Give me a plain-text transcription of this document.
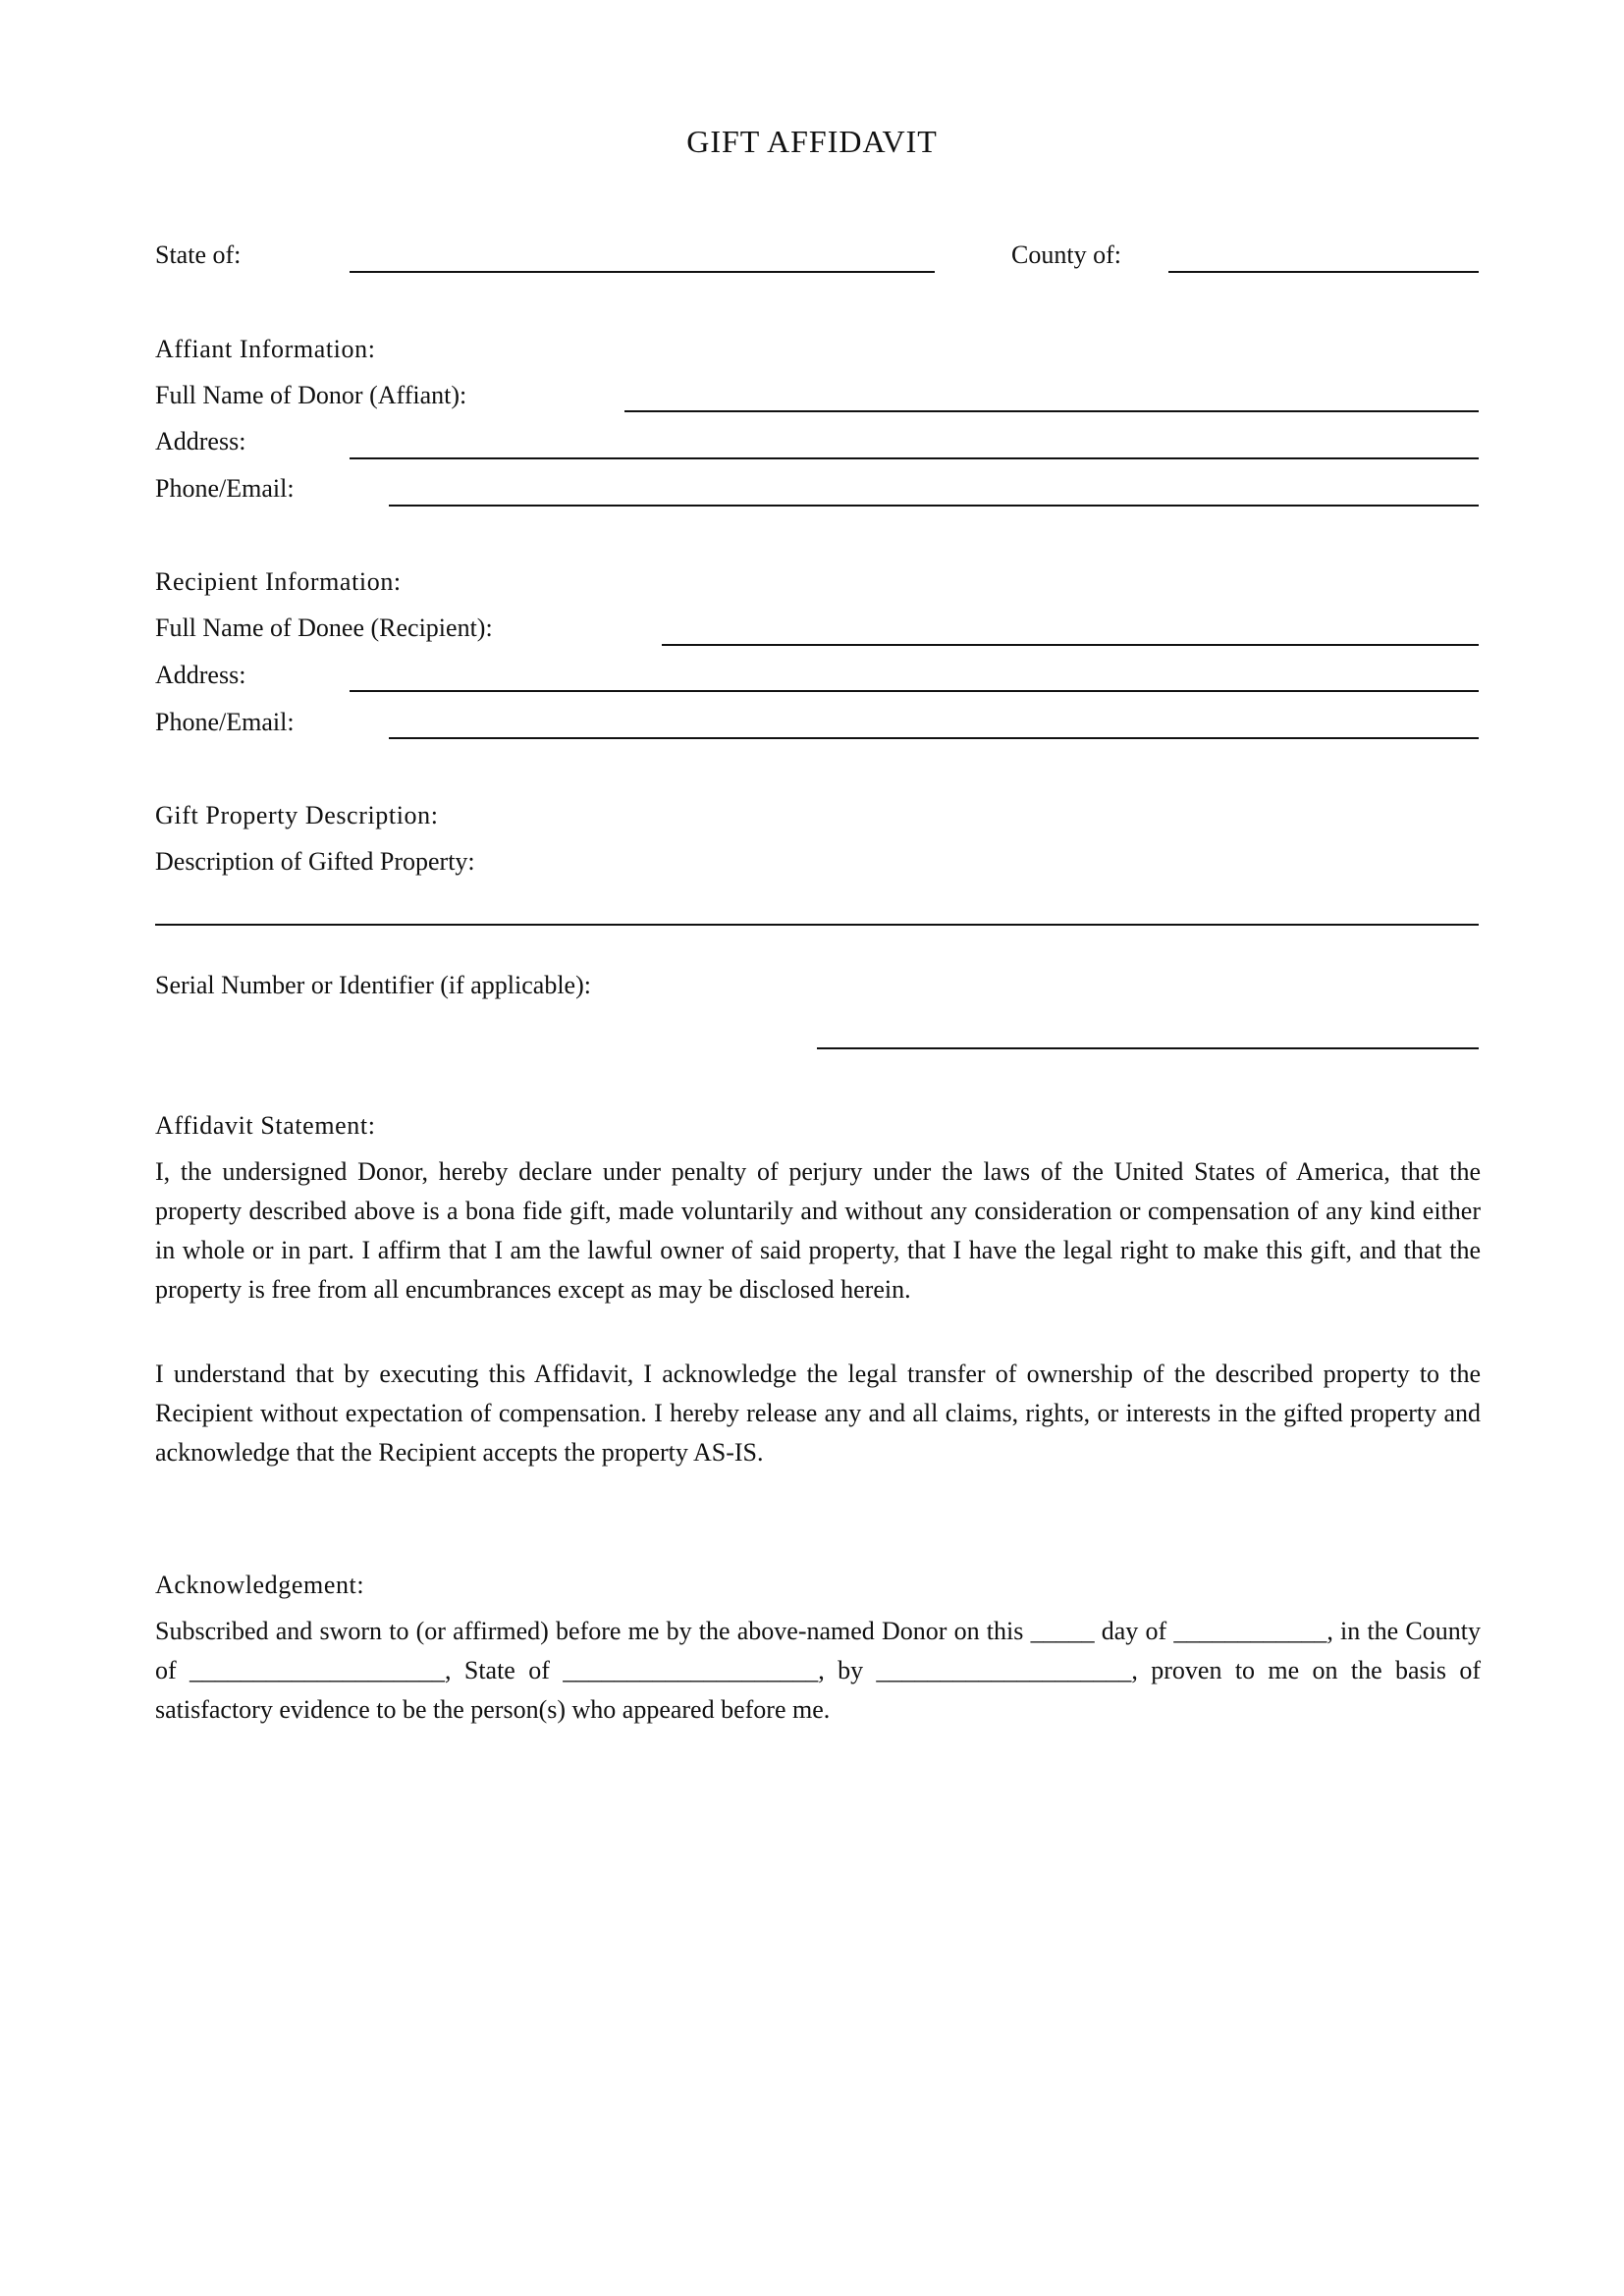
GIFT AFFIDAVIT
State of:	County of:
Affiant Information:
Full Name of Donor (Affiant):
Address:
Phone/Email:
Recipient Information:
Full Name of Donee (Recipient):
Address:
Phone/Email:
Gift Property Description:
Description of Gifted Property:
Serial Number or Identifier (if applicable):
Affidavit Statement:
I, the undersigned Donor, hereby declare under penalty of perjury under the laws of the United States of America, that the property described above is a bona fide gift, made voluntarily and without any consideration or compensation of any kind either in whole or in part. I affirm that I am the lawful owner of said property, that I have the legal right to make this gift, and that the property is free from all encumbrances except as may be disclosed herein.
I understand that by executing this Affidavit, I acknowledge the legal transfer of ownership of the described property to the Recipient without expectation of compensation. I hereby release any and all claims, rights, or interests in the gifted property and acknowledge that the Recipient accepts the property AS-IS.
Acknowledgement:
Subscribed and sworn to (or affirmed) before me by the above-named Donor on this _____ day of ____________, in the County of ____________________, State of ____________________, by ____________________, proven to me on the basis of satisfactory evidence to be the person(s) who appeared before me.
